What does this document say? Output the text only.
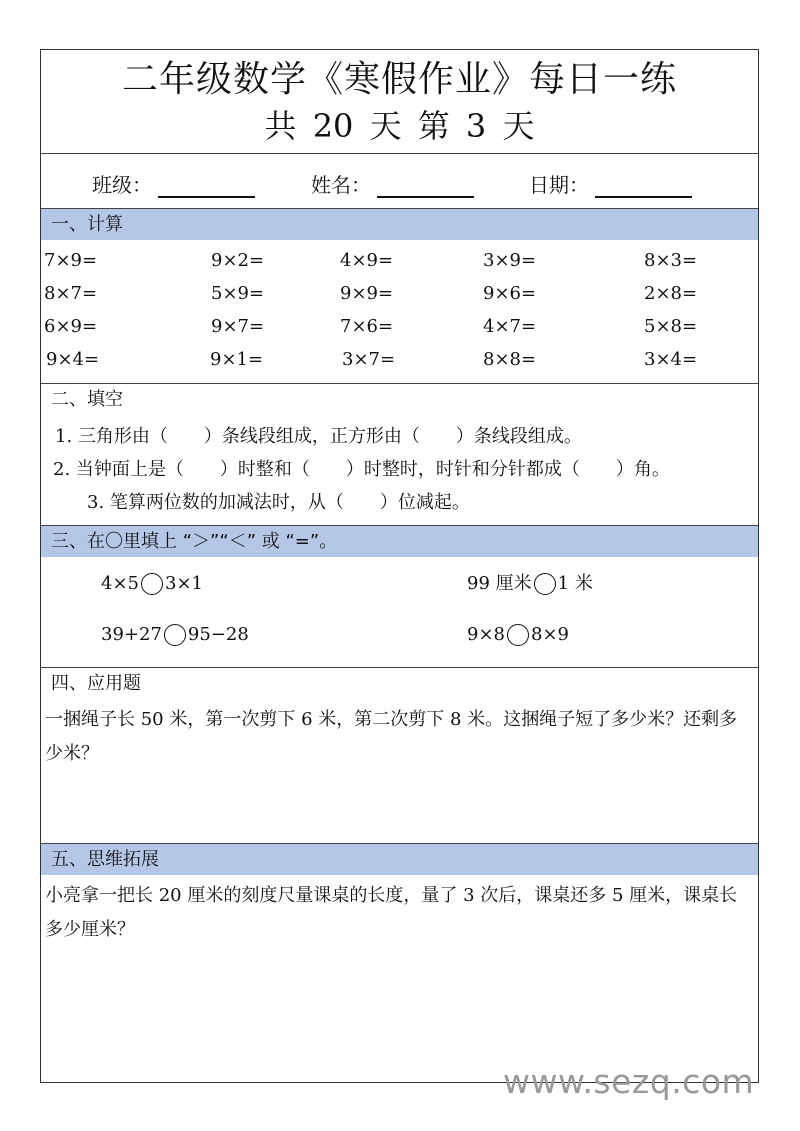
二年级数学《寒假作业》每日一练
共 20 天 第 3 天
班级：	姓名：	日期：
一、计算
7×9=	9×2=	4×9=	3×9=	8×3=
8×7=	5×9=	9×9=	9×6=	2×8=
6×9=	9×7=	7×6=	4×7=	5×8=
9×4=	9×1=	3×7=	8×8=	3×4=
二、填空
1. 三角形由（　　）条线段组成，正方形由（　　）条线段组成。
2. 当钟面上是（　　）时整和（　　）时整时，时针和分针都成（　　）角。
3. 笔算两位数的加减法时，从（　　）位减起。
三、在〇里填上 “＞”“＜” 或 “=”。
4×5 3×1	99 厘米 1 米
39+27 95−28	9×8 8×9
四、应用题
一捆绳子长 50 米，第一次剪下 6 米，第二次剪下 8 米。这捆绳子短了多少米？还剩多少米？
五、思维拓展
小亮拿一把长 20 厘米的刻度尺量课桌的长度，量了 3 次后，课桌还多 5 厘米，课桌长多少厘米？
www.sezq.com
